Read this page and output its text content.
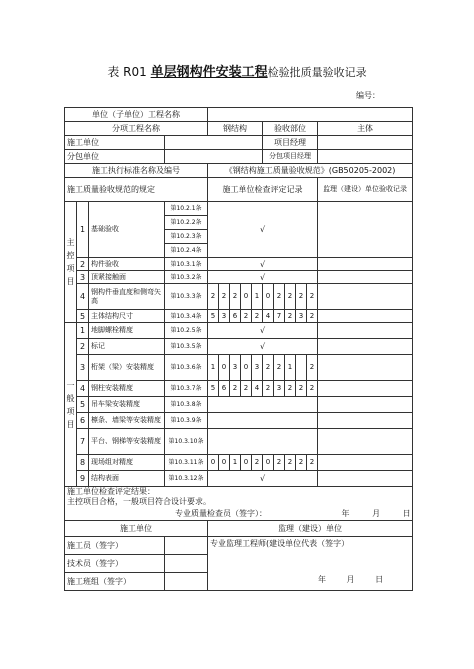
表 R01 单层钢构件安装工程检验批质量验收记录
编号：
单位（子单位）工程名称														
分项工程名称				钢结构					验收部位					主体
施工单位									项目经理					
分包单位									分包项目经理					
施工执行标准名称及编号				《钢结构施工质量验收规范》(GB50205-2002)										
施工质量验收规范的规定				施工单位检查评定记录										监理（建设）单位验收记录
主
控
项
目	1	基础验收	第10.2.1条	√										
			第10.2.2条											
			第10.2.3条											
			第10.2.4条											
	2	构件验收	第10.3.1条	√										
	3	顶紧接触面	第10.3.2条	√										
	4	钢构件垂直度和侧弯矢高	第10.3.3条	2	2	2	0	1	0	2	2	2	2	
	5	主体结构尺寸	第10.3.4条	5	3	6	2	2	4	7	2	3	2	
一
般
项
目	1	地脚螺栓精度	第10.2.5条	√										
	2	标记	第10.3.5条	√										
	3	桁架（梁）安装精度	第10.3.6条	1	0	3	0	3	2	2	1		2	
	4	钢柱安装精度	第10.3.7条	5	6	2	2	4	2	3	2	2	2	
	5	吊车梁安装精度	第10.3.8条											
	6	檩条、墙梁等安装精度	第10.3.9条											
	7	平台、钢梯等安装精度	第10.3.10条											
	8	现场组对精度	第10.3.11条	0	0	1	0	2	0	2	2	2	2	
	9	结构表面	第10.3.12条	√										
施工单位检查评定结果：														
主控项目合格，一般项目符合设计要求。														
专业质量检查员（签字）： 年 月 日														
施工单位				监理（建设）单位										
施工员（签字）				专业监理工程师(建设单位代表（签字）
年 月 日										

技术员（签字）														
施工班组（签字）														
